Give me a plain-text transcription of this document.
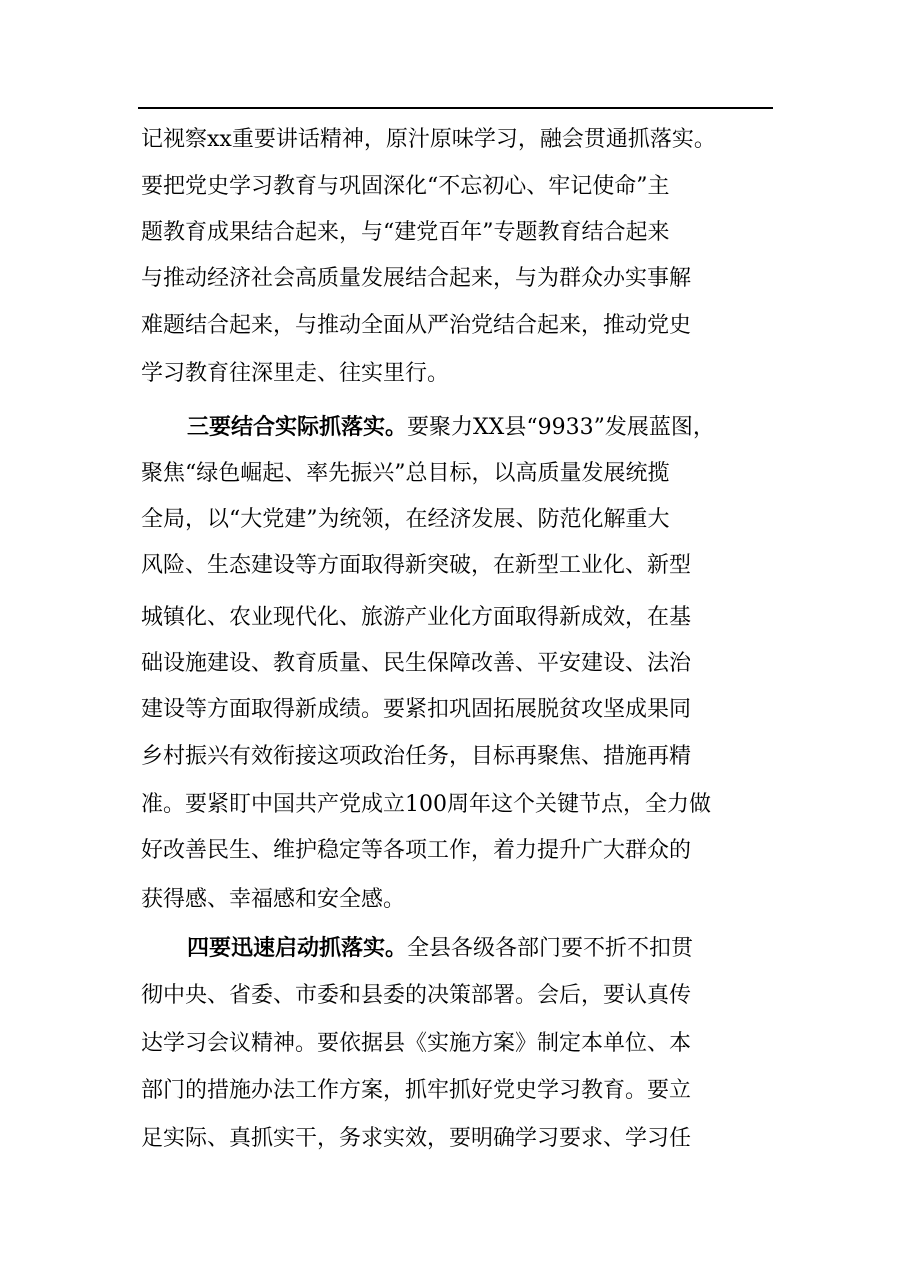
记视察xx重要讲话精神，原汁原味学习，融会贯通抓落实。
要把党史学习教育与巩固深化“不忘初心、牢记使命”主
题教育成果结合起来，与“建党百年”专题教育结合起来
与推动经济社会高质量发展结合起来，与为群众办实事解
难题结合起来，与推动全面从严治党结合起来，推动党史
学习教育往深里走、往实里行。
三要结合实际抓落实。要聚力XX县“9933”发展蓝图，
聚焦“绿色崛起、率先振兴”总目标，以高质量发展统揽
全局，以“大党建”为统领，在经济发展、防范化解重大
风险、生态建设等方面取得新突破，在新型工业化、新型
城镇化、农业现代化、旅游产业化方面取得新成效，在基
础设施建设、教育质量、民生保障改善、平安建设、法治
建设等方面取得新成绩。要紧扣巩固拓展脱贫攻坚成果同
乡村振兴有效衔接这项政治任务，目标再聚焦、措施再精
准。要紧盯中国共产党成立100周年这个关键节点，全力做
好改善民生、维护稳定等各项工作，着力提升广大群众的
获得感、幸福感和安全感。
四要迅速启动抓落实。全县各级各部门要不折不扣贯
彻中央、省委、市委和县委的决策部署。会后，要认真传
达学习会议精神。要依据县《实施方案》制定本单位、本
部门的措施办法工作方案，抓牢抓好党史学习教育。要立
足实际、真抓实干，务求实效，要明确学习要求、学习任
